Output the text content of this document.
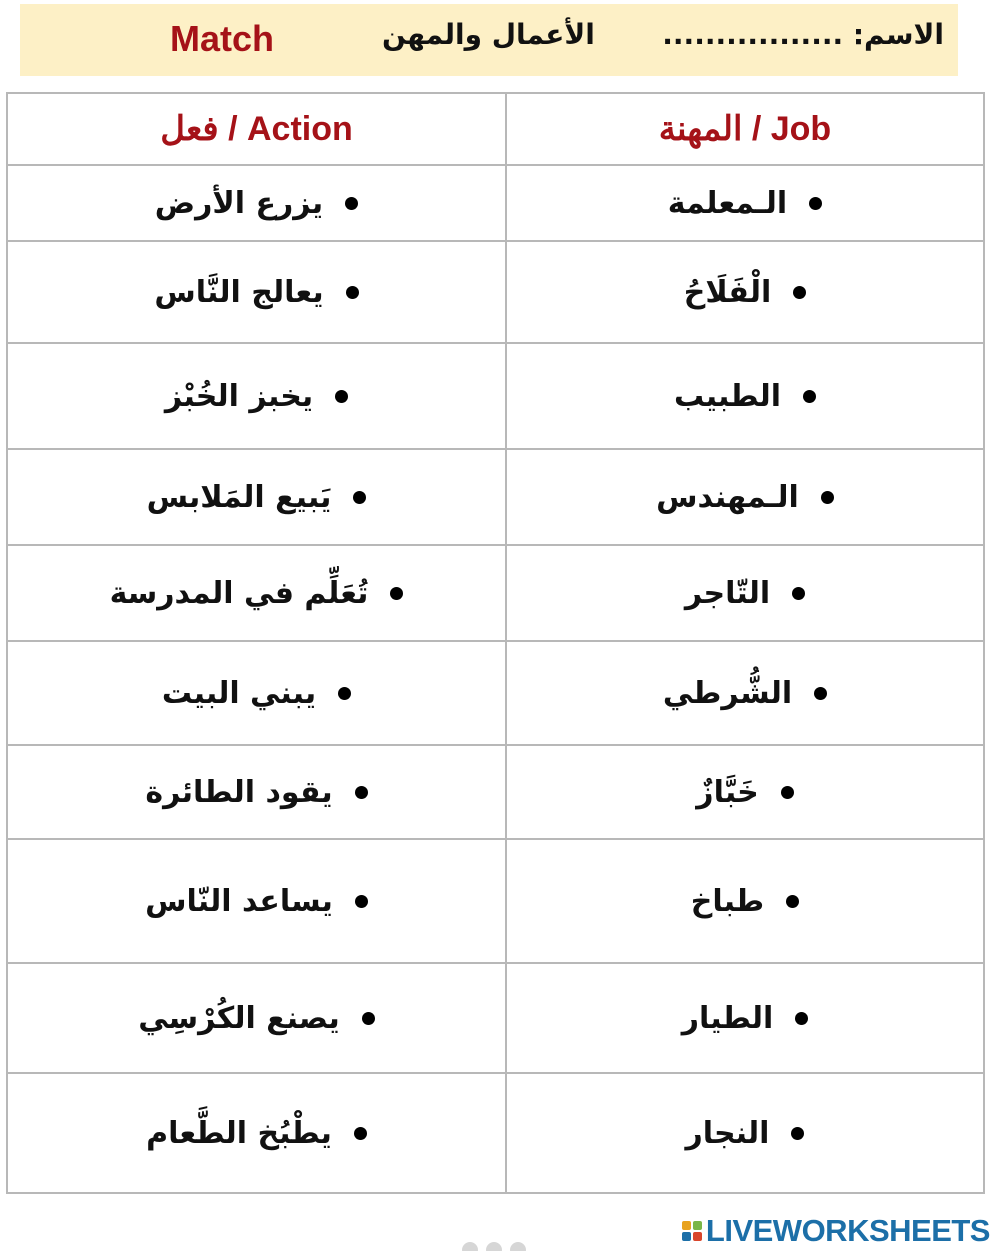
Match	الأعمال والمهن الاسم: .................
فعل / Action	المهنة / Job

يزرع الأرض	الـمعلمة

يعالج النَّاس	الْفَلَاحُ

يخبز الخُبْز	الطبيب

يَبيع المَلابس	الـمهندس

تُعَلِّم في المدرسة	التّاجر

يبني البيت	الشُّرطي

يقود الطائرة	خَبَّازٌ

يساعد النّاس	طباخ

يصنع الكُرْسِي	الطيار

يطْبُخ الطَّعام	النجار
LIVEWORKSHEETS
